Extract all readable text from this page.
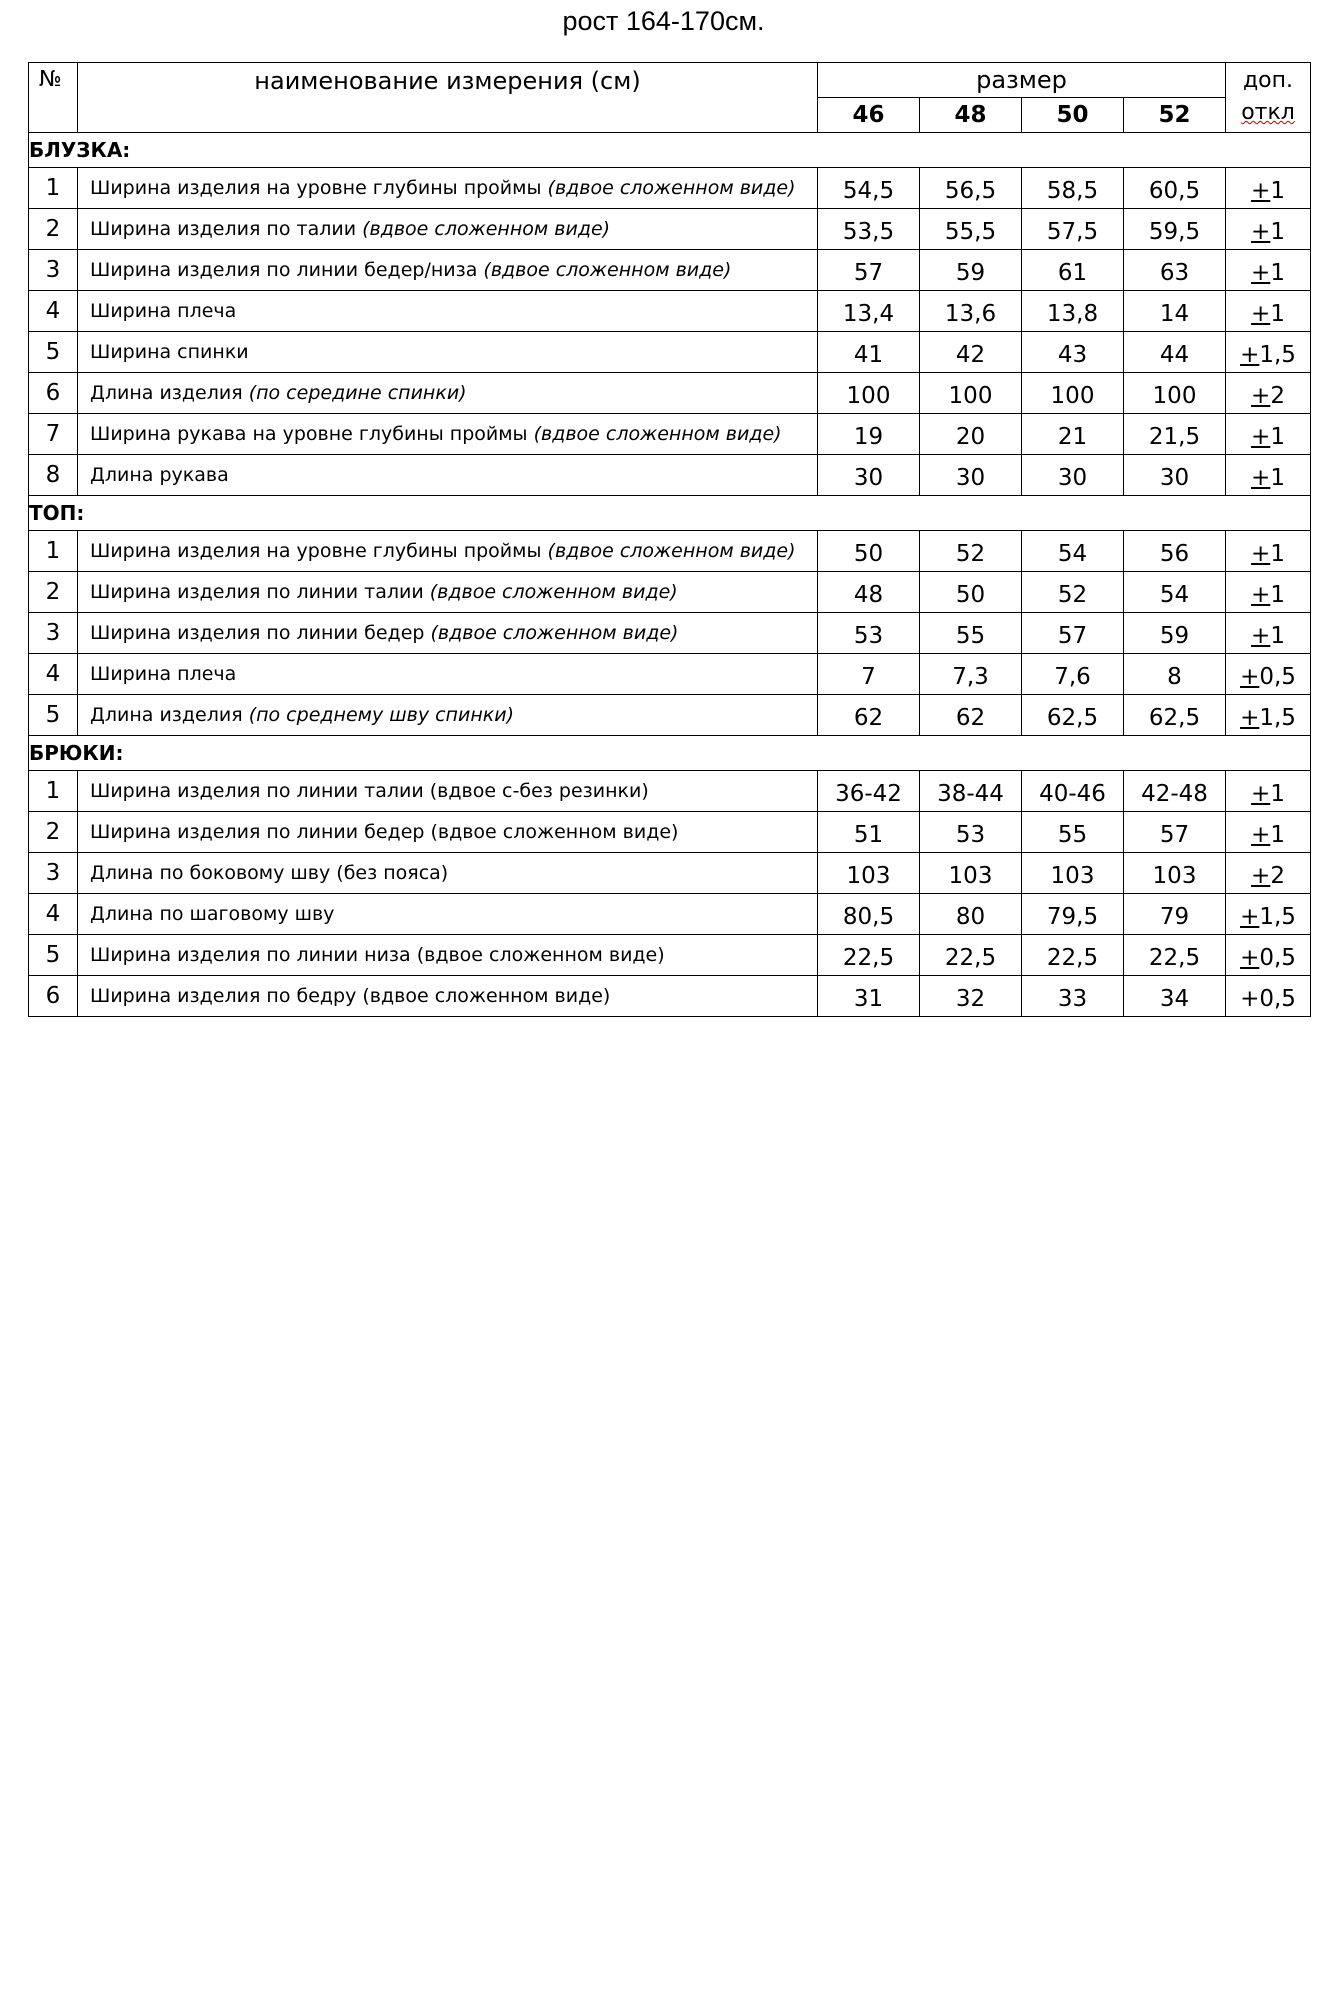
рост 164-170см.
№	наименование измерения (см)	размер				доп.
откл

		46	48	50	52	
БЛУЗКА:						
1	Ширина изделия на уровне глубины проймы (вдвое сложенном виде)	54,5	56,5	58,5	60,5	+1
2	Ширина изделия по талии (вдвое сложенном виде)	53,5	55,5	57,5	59,5	+1
3	Ширина изделия по линии бедер/низа (вдвое сложенном виде)	57	59	61	63	+1
4	Ширина плеча	13,4	13,6	13,8	14	+1
5	Ширина спинки	41	42	43	44	+1,5
6	Длина изделия (по середине спинки)	100	100	100	100	+2
7	Ширина рукава на уровне глубины проймы (вдвое сложенном виде)	19	20	21	21,5	+1
8	Длина рукава	30	30	30	30	+1
ТОП:						
1	Ширина изделия на уровне глубины проймы (вдвое сложенном виде)	50	52	54	56	+1
2	Ширина изделия по линии талии (вдвое сложенном виде)	48	50	52	54	+1
3	Ширина изделия по линии бедер (вдвое сложенном виде)	53	55	57	59	+1
4	Ширина плеча	7	7,3	7,6	8	+0,5
5	Длина изделия (по среднему шву спинки)	62	62	62,5	62,5	+1,5
БРЮКИ:						
1	Ширина изделия по линии талии (вдвое с-без резинки)	36-42	38-44	40-46	42-48	+1
2	Ширина изделия по линии бедер (вдвое сложенном виде)	51	53	55	57	+1
3	Длина по боковому шву (без пояса)	103	103	103	103	+2
4	Длина по шаговому шву	80,5	80	79,5	79	+1,5
5	Ширина изделия по линии низа (вдвое сложенном виде)	22,5	22,5	22,5	22,5	+0,5
6	Ширина изделия по бедру (вдвое сложенном виде)	31	32	33	34	+0,5
